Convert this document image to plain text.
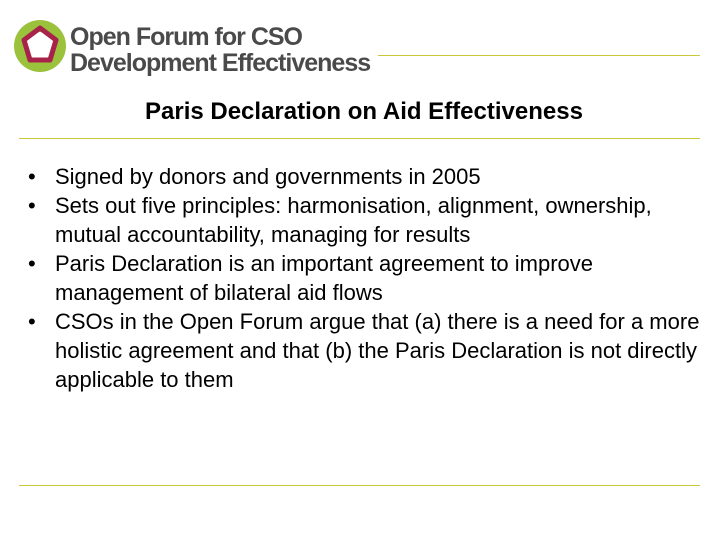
Open Forum for CSO
Development Effectiveness
Paris Declaration on Aid Effectiveness
• Signed by donors and governments in 2005
• Sets out five principles: harmonisation, alignment, ownership, mutual accountability, managing for results
• Paris Declaration is an important agreement to improve management of bilateral aid flows
• CSOs in the Open Forum argue that (a) there is a need for a more holistic agreement and that (b) the Paris Declaration is not directly applicable to them
